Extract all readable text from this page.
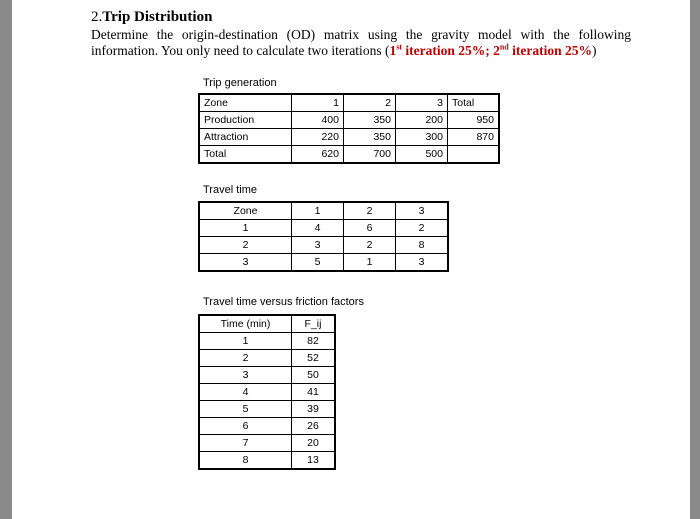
2.Trip Distribution
Determine the origin-destination (OD) matrix using the gravity model with the following information. You only need to calculate two iterations (1st iteration 25%; 2nd iteration 25%)
Trip generation
Zone	1	2	3	Total
Production	400	350	200	950
Attraction	220	350	300	870
Total	620	700	500	
Travel time
Zone	1	2	3
1	4	6	2
2	3	2	8
3	5	1	3
Travel time versus friction factors
Time (min)	F_ij
1	82
2	52
3	50
4	41
5	39
6	26
7	20
8	13
